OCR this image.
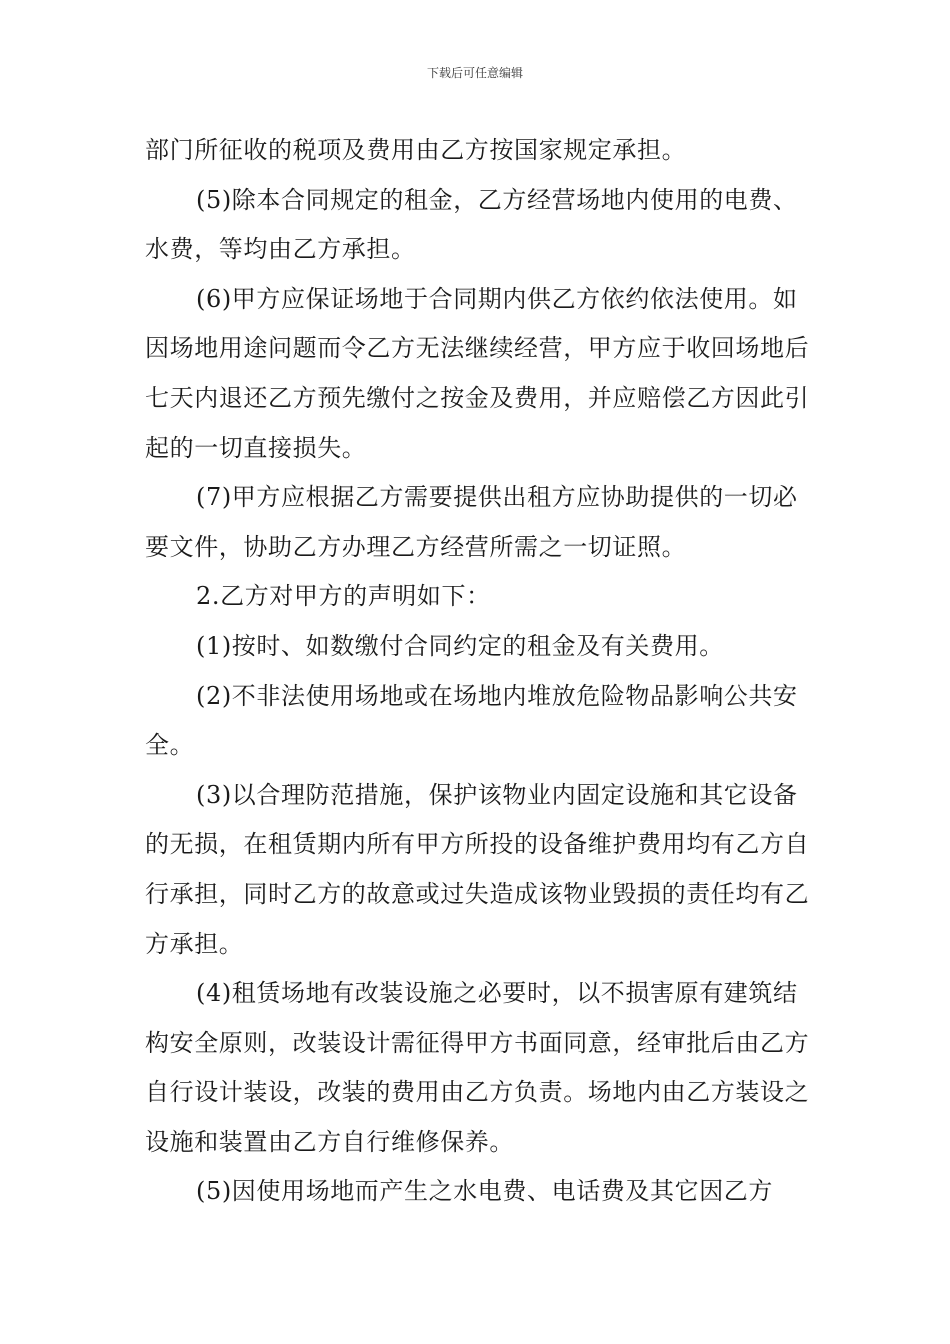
下载后可任意编辑

部门所征收的税项及费用由乙方按国家规定承担。

(5)除本合同规定的租金，乙方经营场地内使用的电费、水费，等均由乙方承担。

(6)甲方应保证场地于合同期内供乙方依约依法使用。如因场地用途问题而令乙方无法继续经营，甲方应于收回场地后七天内退还乙方预先缴付之按金及费用，并应赔偿乙方因此引起的一切直接损失。

(7)甲方应根据乙方需要提供出租方应协助提供的一切必要文件，协助乙方办理乙方经营所需之一切证照。

2.乙方对甲方的声明如下：

(1)按时、如数缴付合同约定的租金及有关费用。

(2)不非法使用场地或在场地内堆放危险物品影响公共安全。

(3)以合理防范措施，保护该物业内固定设施和其它设备的无损，在租赁期内所有甲方所投的设备维护费用均有乙方自行承担，同时乙方的故意或过失造成该物业毁损的责任均有乙方承担。

(4)租赁场地有改装设施之必要时，以不损害原有建筑结构安全原则，改装设计需征得甲方书面同意，经审批后由乙方自行设计装设，改装的费用由乙方负责。场地内由乙方装设之设施和装置由乙方自行维修保养。

(5)因使用场地而产生之水电费、电话费及其它因乙方
